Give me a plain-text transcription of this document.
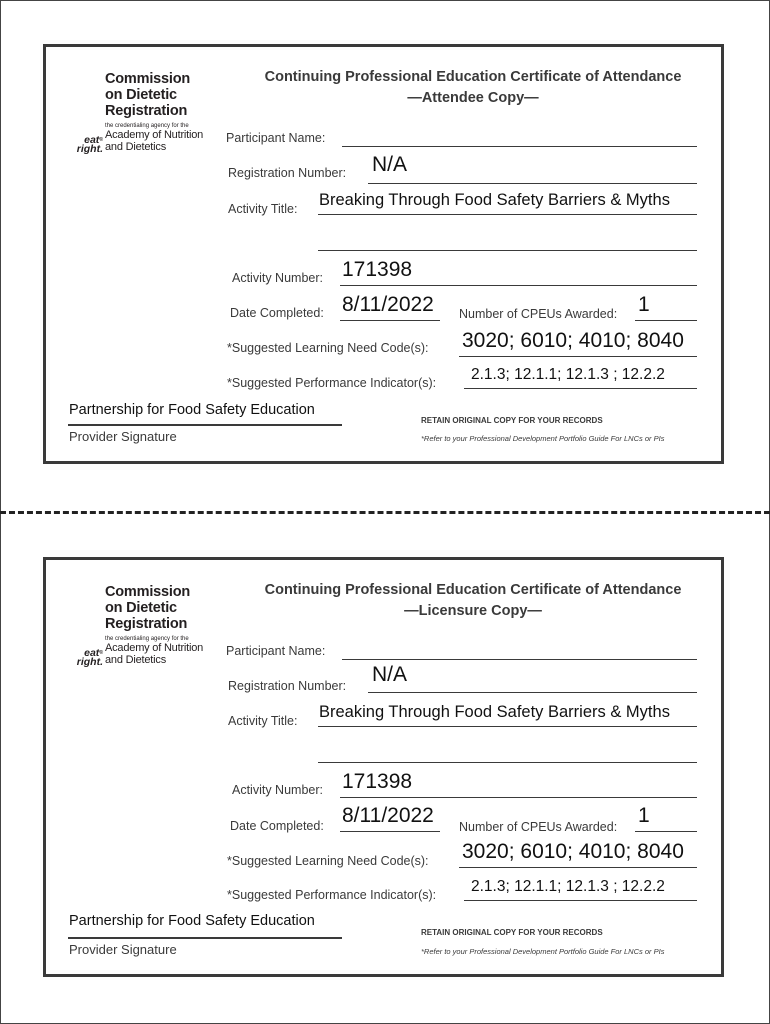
Commission
on Dietetic
Registration
the credentialing agency for the
eat®
right.
Academy of Nutrition
and Dietetics
Continuing Professional Education Certificate of Attendance
—Attendee Copy—
Participant Name:
Registration Number: N/A
Activity Title: Breaking Through Food Safety Barriers & Myths
Activity Number: 171398
Date Completed: 8/11/2022 Number of CPEUs Awarded: 1
*Suggested Learning Need Code(s): 3020; 6010; 4010; 8040
*Suggested Performance Indicator(s): 2.1.3; 12.1.1; 12.1.3 ; 12.2.2
Partnership for Food Safety Education
Provider Signature
RETAIN ORIGINAL COPY FOR YOUR RECORDS
*Refer to your Professional Development Portfolio Guide For LNCs or PIs
Commission
on Dietetic
Registration
the credentialing agency for the
eat®
right.
Academy of Nutrition
and Dietetics
Continuing Professional Education Certificate of Attendance
—Licensure Copy—
Participant Name:
Registration Number: N/A
Activity Title: Breaking Through Food Safety Barriers & Myths
Activity Number: 171398
Date Completed: 8/11/2022 Number of CPEUs Awarded: 1
*Suggested Learning Need Code(s): 3020; 6010; 4010; 8040
*Suggested Performance Indicator(s): 2.1.3; 12.1.1; 12.1.3 ; 12.2.2
Partnership for Food Safety Education
Provider Signature
RETAIN ORIGINAL COPY FOR YOUR RECORDS
*Refer to your Professional Development Portfolio Guide For LNCs or PIs
